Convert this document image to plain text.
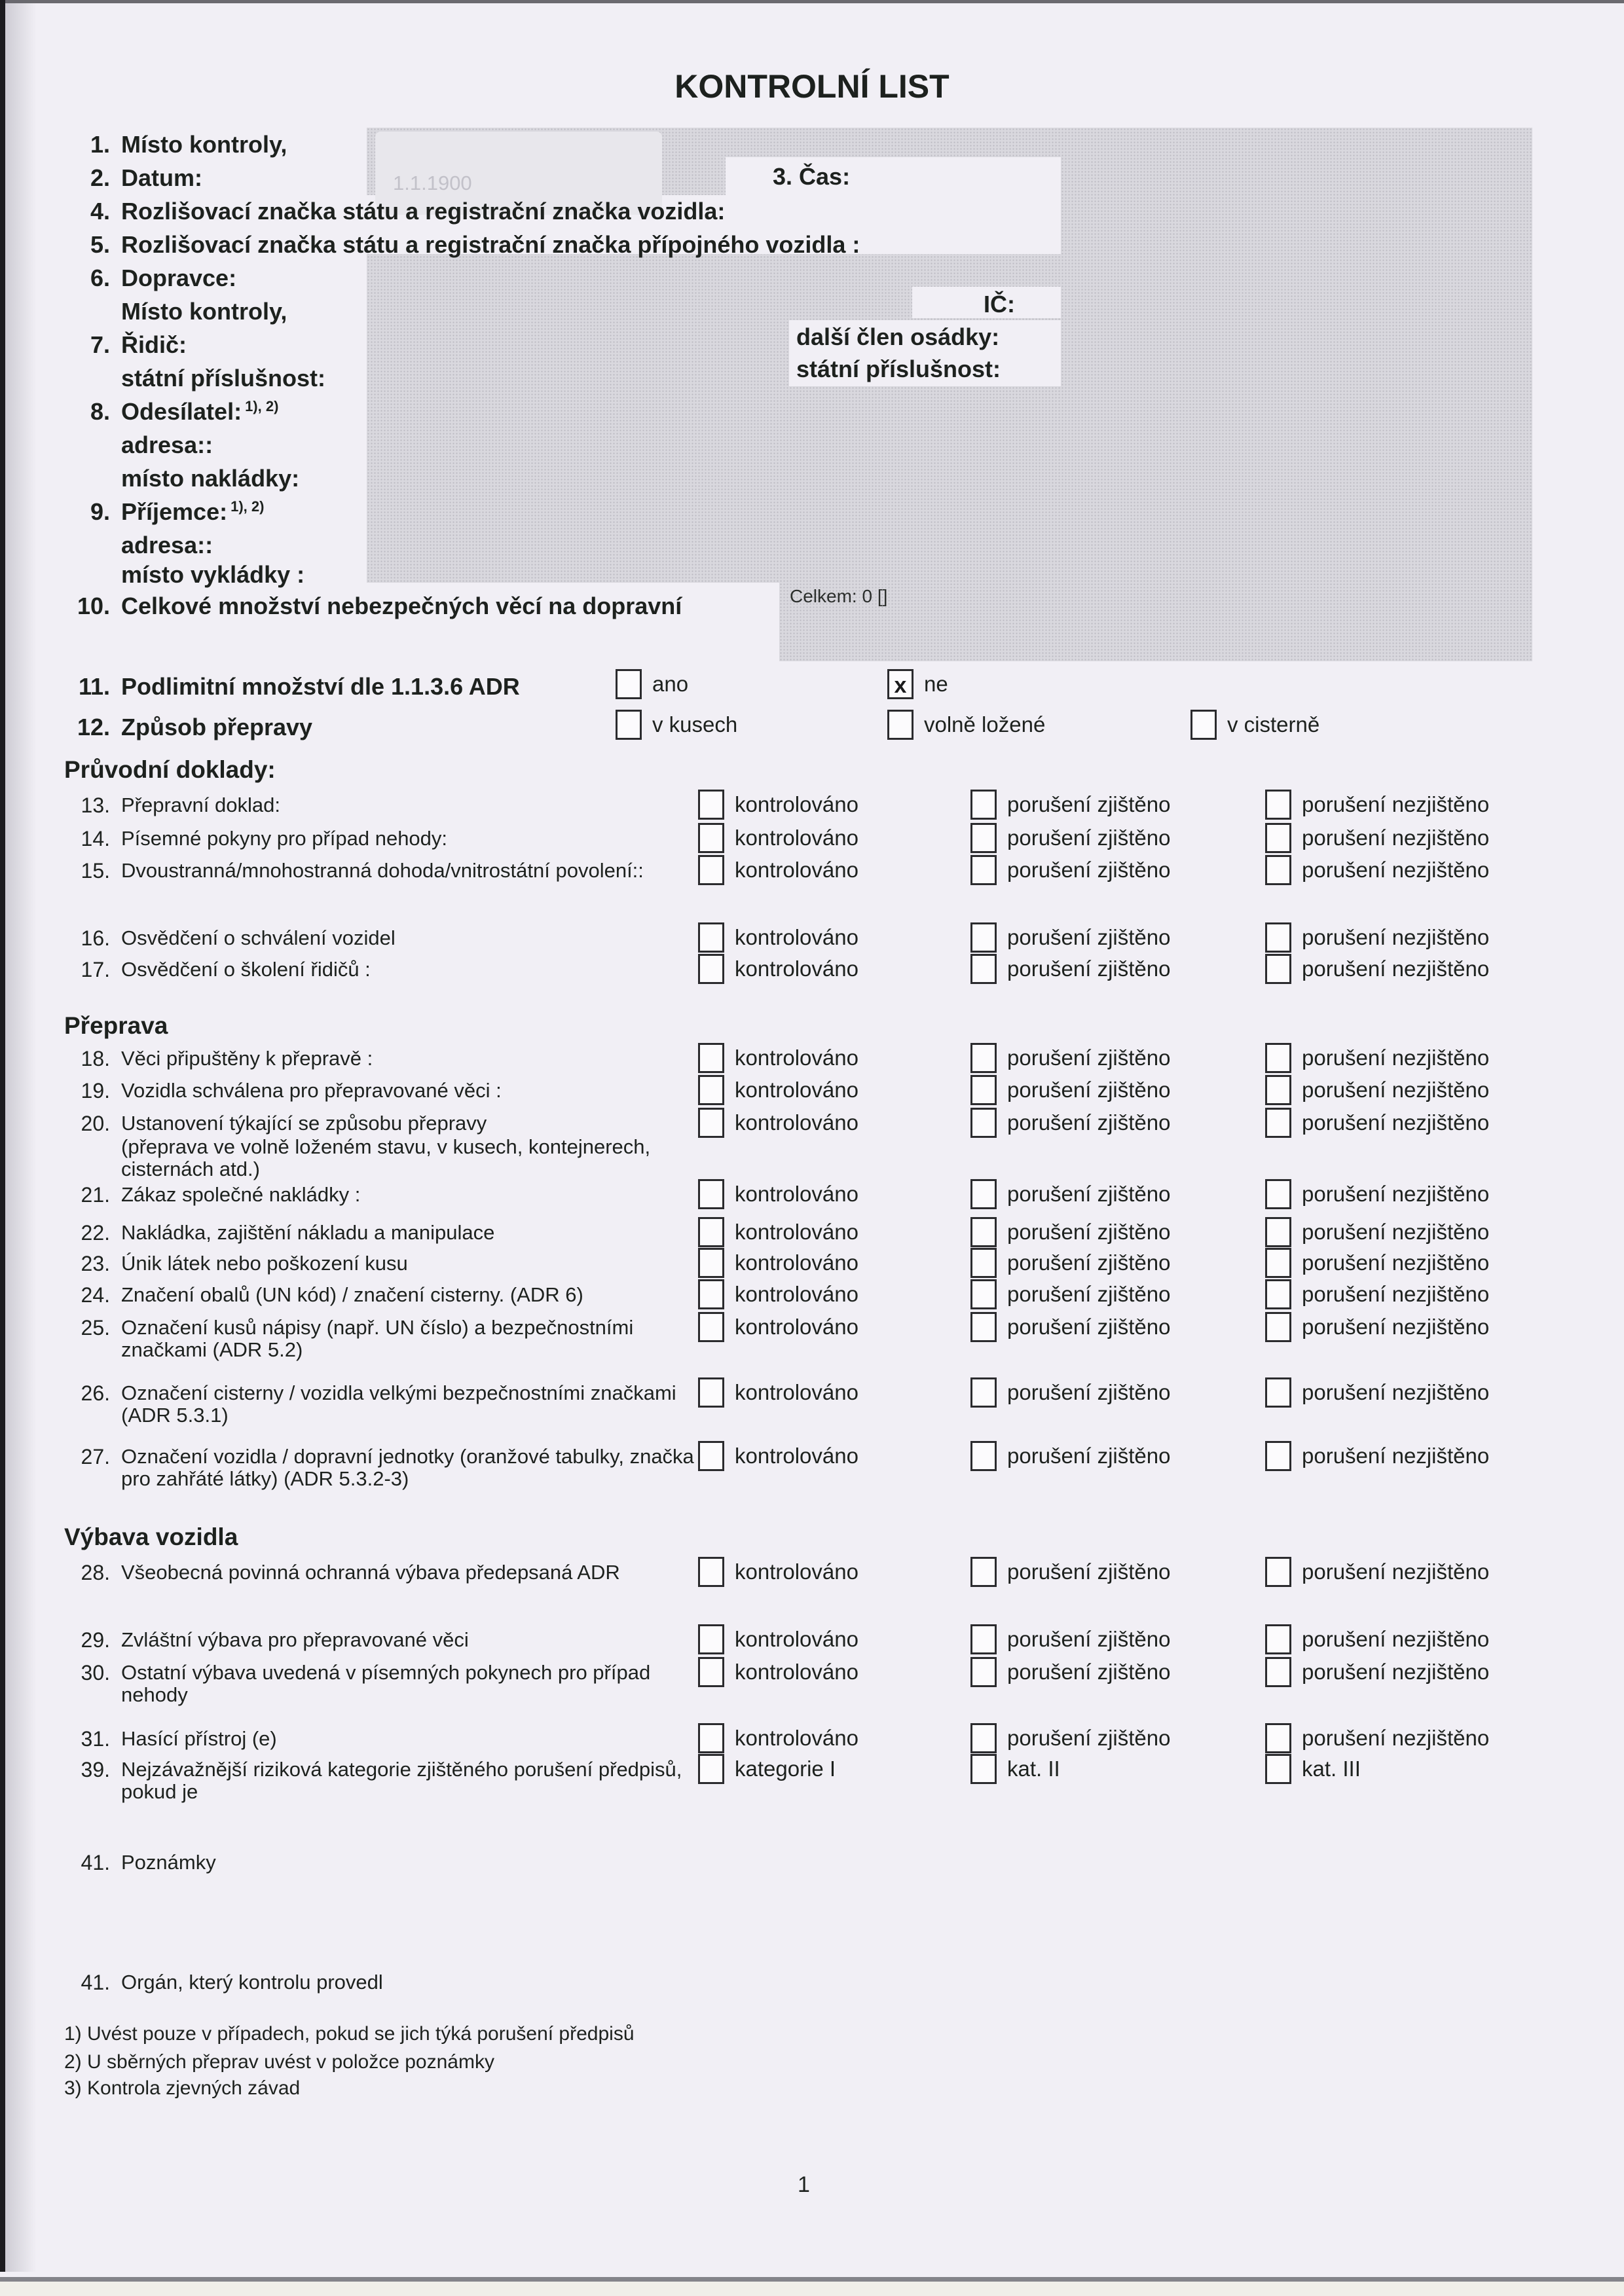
1.1.1900
KONTROLNÍ LIST
3. Čas:
IČ:
další člen osádky:
státní příslušnost:
Celkem: 0 []
1. Místo kontroly,
2. Datum:
4. Rozlišovací značka státu a registrační značka vozidla:
5. Rozlišovací značka státu a registrační značka přípojného vozidla :
6. Dopravce:
Místo kontroly,
7. Řidič:
státní příslušnost:
8. Odesílatel: $^{1), 2)}$
adresa::
místo nakládky:
9. Příjemce: $^{1), 2)}$
adresa::
místo vykládky :
10. Celkové množství nebezpečných věcí na dopravní
Průvodní doklady:
Přeprava
Výbava vozidla
11. Podlimitní množství dle 1.1.3.6 ADR	ano	x ne
12. Způsob přepravy	v kusech	volně ložené	v cisterně
13. Přepravní doklad:	kontrolováno	porušení zjištěno	porušení nezjištěno
14. Písemné pokyny pro případ nehody:	kontrolováno	porušení zjištěno	porušení nezjištěno
15. Dvoustranná/mnohostranná dohoda/vnitrostátní povolení::	kontrolováno	porušení zjištěno	porušení nezjištěno
16. Osvědčení o schválení vozidel	kontrolováno	porušení zjištěno	porušení nezjištěno
17. Osvědčení o školení řidičů :	kontrolováno	porušení zjištěno	porušení nezjištěno
18. Věci připuštěny k přepravě :	kontrolováno	porušení zjištěno	porušení nezjištěno
19. Vozidla schválena pro přepravované věci :	kontrolováno	porušení zjištěno	porušení nezjištěno
20. Ustanovení týkající se způsobu přepravy
(přeprava ve volně loženém stavu, v kusech, kontejnerech,
cisternách atd.)
kontrolováno	porušení zjištěno	porušení nezjištěno
21. Zákaz společné nakládky :	kontrolováno	porušení zjištěno	porušení nezjištěno
22. Nakládka, zajištění nákladu a manipulace	kontrolováno	porušení zjištěno	porušení nezjištěno
23. Únik látek nebo poškození kusu	kontrolováno	porušení zjištěno	porušení nezjištěno
24. Značení obalů (UN kód) / značení cisterny. (ADR 6)	kontrolováno	porušení zjištěno	porušení nezjištěno
25. Označení kusů nápisy (např. UN číslo) a bezpečnostními
značkami (ADR 5.2)
kontrolováno	porušení zjištěno	porušení nezjištěno
26. Označení cisterny / vozidla velkými bezpečnostními značkami
(ADR 5.3.1)
kontrolováno	porušení zjištěno	porušení nezjištěno
27. Označení vozidla / dopravní jednotky (oranžové tabulky, značka
pro zahřáté látky) (ADR 5.3.2-3)
kontrolováno	porušení zjištěno	porušení nezjištěno
28. Všeobecná povinná ochranná výbava předepsaná ADR	kontrolováno	porušení zjištěno	porušení nezjištěno
29. Zvláštní výbava pro přepravované věci	kontrolováno	porušení zjištěno	porušení nezjištěno
30. Ostatní výbava uvedená v písemných pokynech pro případ
nehody
kontrolováno	porušení zjištěno	porušení nezjištěno
31. Hasící přístroj (e)	kontrolováno	porušení zjištěno	porušení nezjištěno
39. Nejzávažnější riziková kategorie zjištěného porušení předpisů,
pokud je
kategorie I	kat. II	kat. III
41. Poznámky
41. Orgán, který kontrolu provedl
1) Uvést pouze v případech, pokud se jich týká porušení předpisů
2) U sběrných přeprav uvést v položce poznámky
3) Kontrola zjevných závad
1
